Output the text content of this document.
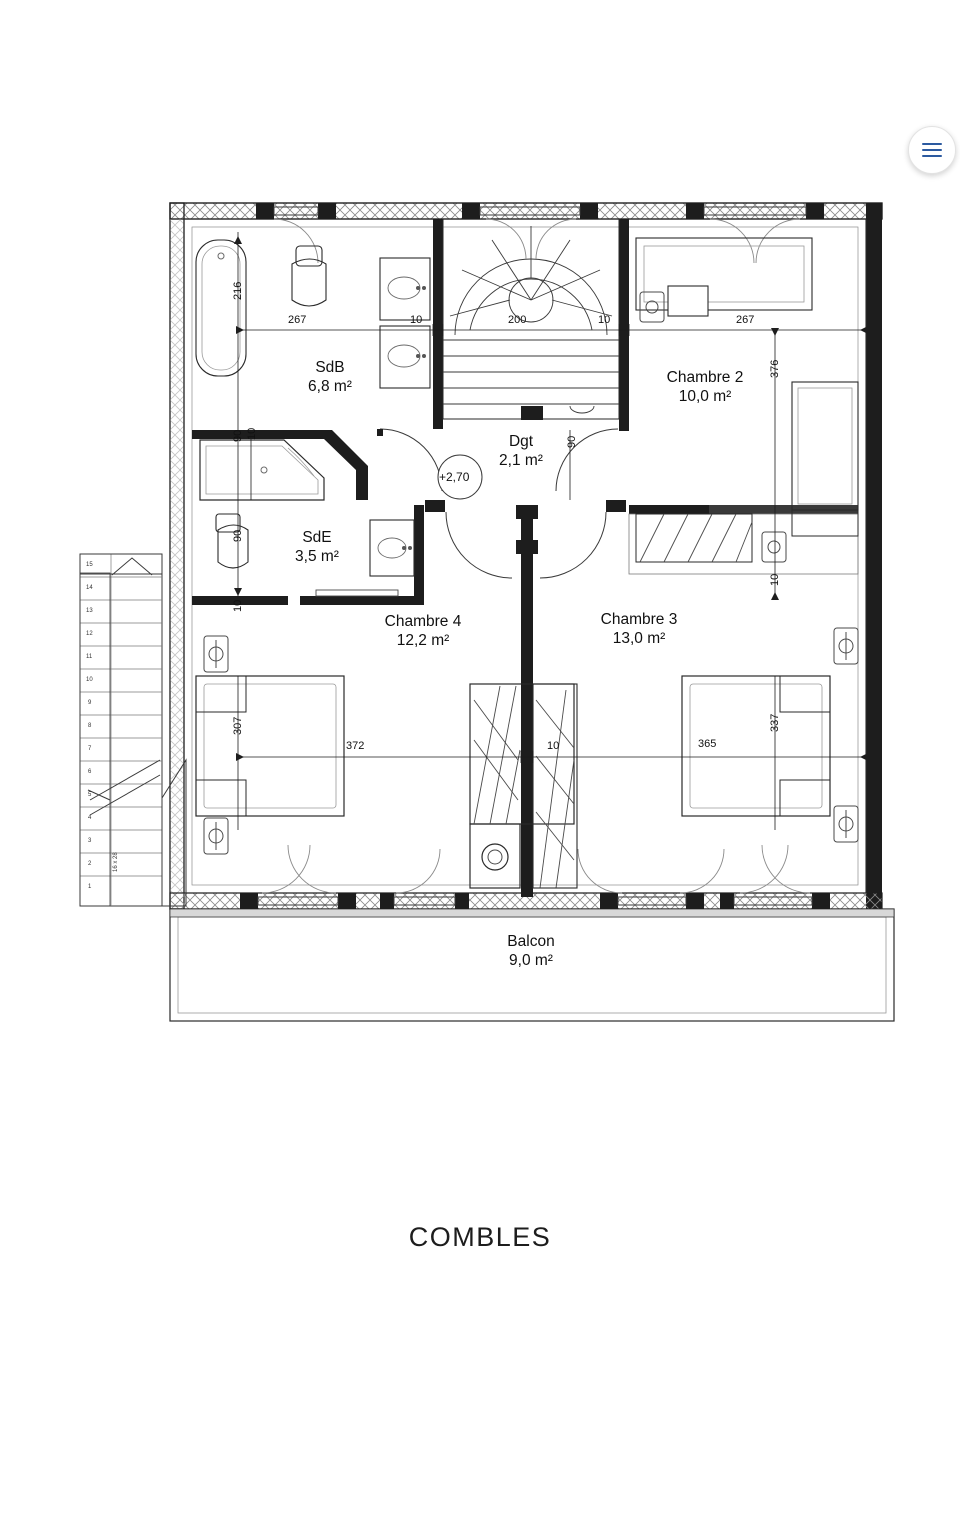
SdB
6,8 m²
Chambre 2
10,0 m²
Dgt
2,1 m²
SdE
3,5 m²
Chambre 4
12,2 m²
Chambre 3
13,0 m²
Balcon
9,0 m²
+2,70
216
267	10	200	10	267
376
90 10
90
90
10
10
307
372	10	365
337
15
14
13
12
11
10
9
8
7
6
5
4
3
2
1
16 x 28
COMBLES
